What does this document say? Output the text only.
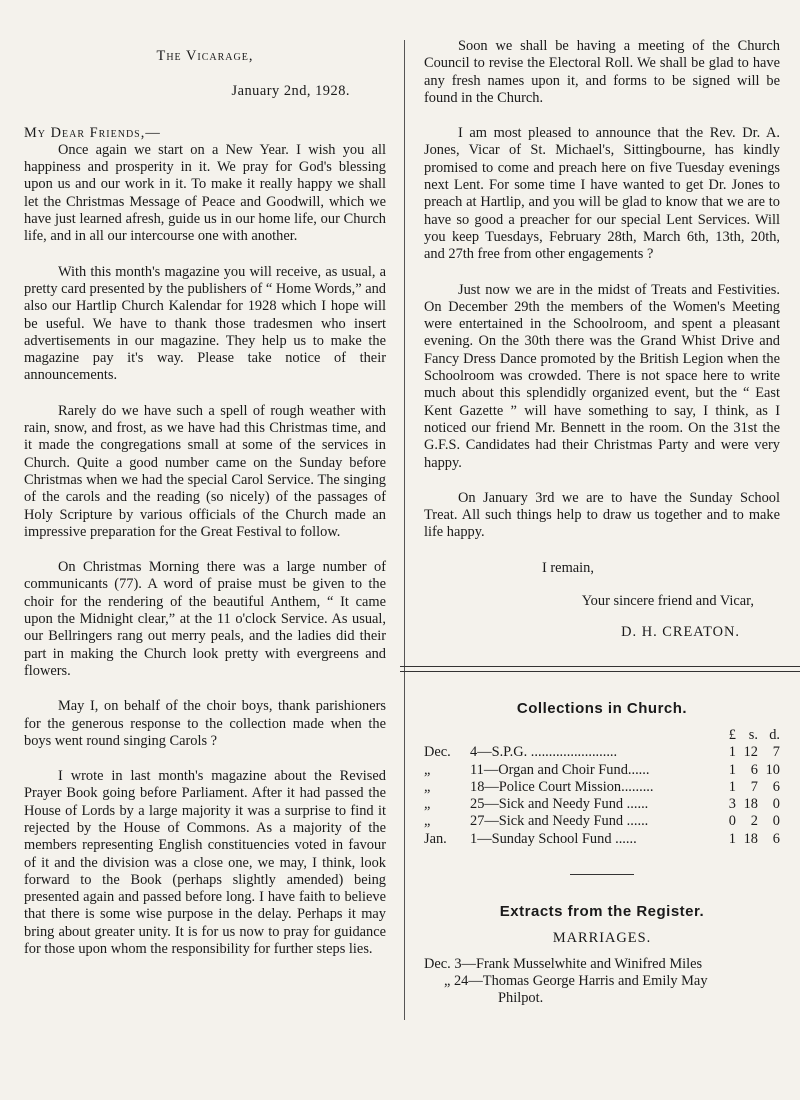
The Vicarage,
January 2nd, 1928.
My Dear Friends,—

Once again we start on a New Year. I wish you all happiness and prosperity in it. We pray for God's blessing upon us and our work in it. To make it really happy we shall let the Christmas Message of Peace and Goodwill, which we have just learned afresh, guide us in our home life, our Church life, and in all our intercourse one with another.

With this month's magazine you will receive, as usual, a pretty card presented by the publishers of “ Home Words,” and also our Hartlip Church Kalendar for 1928 which I hope will be useful. We have to thank those tradesmen who insert advertisements in our magazine. They help us to make the magazine pay it's way. Please take notice of their announcements.

Rarely do we have such a spell of rough weather with rain, snow, and frost, as we have had this Christmas time, and it made the congregations small at some of the services in Church. Quite a good number came on the Sunday before Christmas when we had the special Carol Service. The singing of the carols and the reading (so nicely) of the passages of Holy Scripture by various officials of the Church made an impressive preparation for the Great Festival to follow.

On Christmas Morning there was a large number of communicants (77). A word of praise must be given to the choir for the rendering of the beautiful Anthem, “ It came upon the Midnight clear,” at the 11 o'clock Service. As usual, our Bellringers rang out merry peals, and the ladies did their part in making the Church look pretty with evergreens and flowers.

May I, on behalf of the choir boys, thank parishioners for the generous response to the collection made when the boys went round singing Carols ?

I wrote in last month's magazine about the Revised Prayer Book going before Parliament. After it had passed the House of Lords by a large majority it was a surprise to find it rejected by the House of Commons. As a majority of the members representing English constituencies voted in favour of it and the division was a close one, we may, I think, look forward to the Book (perhaps slightly amended) being presented again and passed before long. I have faith to believe that there is some wise purpose in the delay. Perhaps it may bring about greater unity. It is for us now to pray for guidance for those upon whom the responsibility for further steps lies.

Soon we shall be having a meeting of the Church Council to revise the Electoral Roll. We shall be glad to have any fresh names upon it, and forms to be signed will be found in the Church.

I am most pleased to announce that the Rev. Dr. A. Jones, Vicar of St. Michael's, Sittingbourne, has kindly promised to come and preach here on five Tuesday evenings next Lent. For some time I have wanted to get Dr. Jones to preach at Hartlip, and you will be glad to know that we are to have so good a preacher for our special Lent Services. Will you keep Tuesdays, February 28th, March 6th, 13th, 20th, and 27th free from other engagements ?

Just now we are in the midst of Treats and Festivities. On December 29th the members of the Women's Meeting were entertained in the Schoolroom, and spent a pleasant evening. On the 30th there was the Grand Whist Drive and Fancy Dress Dance promoted by the British Legion when the Schoolroom was crowded. There is not space here to write much about this splendidly organized event, but the “ East Kent Gazette ” will have something to say, I think, as I noticed our friend Mr. Bennett in the room. On the 31st the G.F.S. Candidates had their Christmas Party and were very happy.

On January 3rd we are to have the Sunday School Treat. All such things help to draw us together and to make life happy.

I remain,
Your sincere friend and Vicar,
D. H. CREATON.
Collections in Church.
		£	s.	d.
Dec.	4—S.P.G. ........................	1	12	7
„	11—Organ and Choir Fund......	1	6	10
„	18—Police Court Mission.........	1	7	6
„	25—Sick and Needy Fund ......	3	18	0
„	27—Sick and Needy Fund ......	0	2	0
Jan.	1—Sunday School Fund ......	1	18	6
Extracts from the Register.
MARRIAGES.
Dec. 3—Frank Musselwhite and Winifred Miles
„ 24—Thomas George Harris and Emily May
Philpot.
